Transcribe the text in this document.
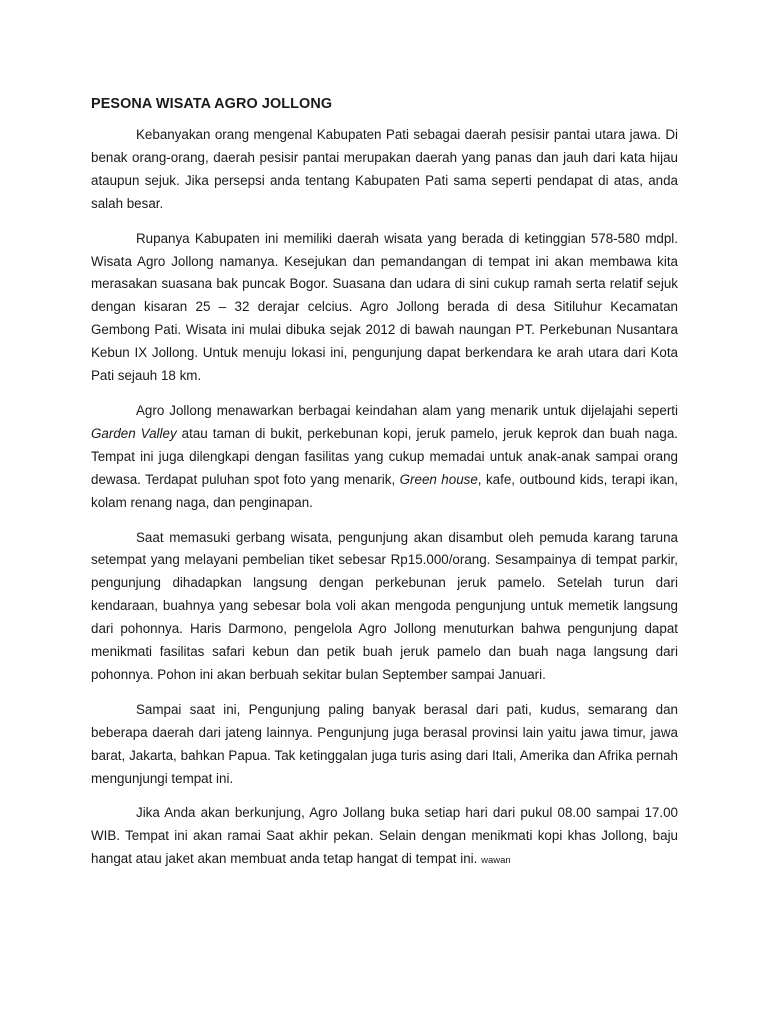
PESONA WISATA AGRO JOLLONG

Kebanyakan orang mengenal Kabupaten Pati sebagai daerah pesisir pantai utara jawa. Di benak orang-orang, daerah pesisir pantai merupakan daerah yang panas dan jauh dari kata hijau ataupun sejuk. Jika persepsi anda tentang Kabupaten Pati sama seperti pendapat di atas, anda salah besar.

Rupanya Kabupaten ini memiliki daerah wisata yang berada di ketinggian 578-580 mdpl. Wisata Agro Jollong namanya. Kesejukan dan pemandangan di tempat ini akan membawa kita merasakan suasana bak puncak Bogor. Suasana dan udara di sini cukup ramah serta relatif sejuk dengan kisaran 25 – 32 derajar celcius. Agro Jollong berada di desa Sitiluhur Kecamatan Gembong Pati. Wisata ini mulai dibuka sejak 2012 di bawah naungan PT. Perkebunan Nusantara Kebun IX Jollong. Untuk menuju lokasi ini, pengunjung dapat berkendara ke arah utara dari Kota Pati sejauh 18 km.

Agro Jollong menawarkan berbagai keindahan alam yang menarik untuk dijelajahi seperti Garden Valley atau taman di bukit, perkebunan kopi, jeruk pamelo, jeruk keprok dan buah naga. Tempat ini juga dilengkapi dengan fasilitas yang cukup memadai untuk anak-anak sampai orang dewasa. Terdapat puluhan spot foto yang menarik, Green house, kafe, outbound kids, terapi ikan, kolam renang naga, dan penginapan.

Saat memasuki gerbang wisata, pengunjung akan disambut oleh pemuda karang taruna setempat yang melayani pembelian tiket sebesar Rp15.000/orang. Sesampainya di tempat parkir, pengunjung dihadapkan langsung dengan perkebunan jeruk pamelo. Setelah turun dari kendaraan, buahnya yang sebesar bola voli akan mengoda pengunjung untuk memetik langsung dari pohonnya. Haris Darmono, pengelola Agro Jollong menuturkan bahwa pengunjung dapat menikmati fasilitas safari kebun dan petik buah jeruk pamelo dan buah naga langsung dari pohonnya. Pohon ini akan berbuah sekitar bulan September sampai Januari.

Sampai saat ini, Pengunjung paling banyak berasal dari pati, kudus, semarang dan beberapa daerah dari jateng lainnya. Pengunjung juga berasal provinsi lain yaitu jawa timur, jawa barat, Jakarta, bahkan Papua. Tak ketinggalan juga turis asing dari Itali, Amerika dan Afrika pernah mengunjungi tempat ini.

Jika Anda akan berkunjung, Agro Jollang buka setiap hari dari pukul 08.00 sampai 17.00 WIB. Tempat ini akan ramai Saat akhir pekan. Selain dengan menikmati kopi khas Jollong, baju hangat atau jaket akan membuat anda tetap hangat di tempat ini. wawan
